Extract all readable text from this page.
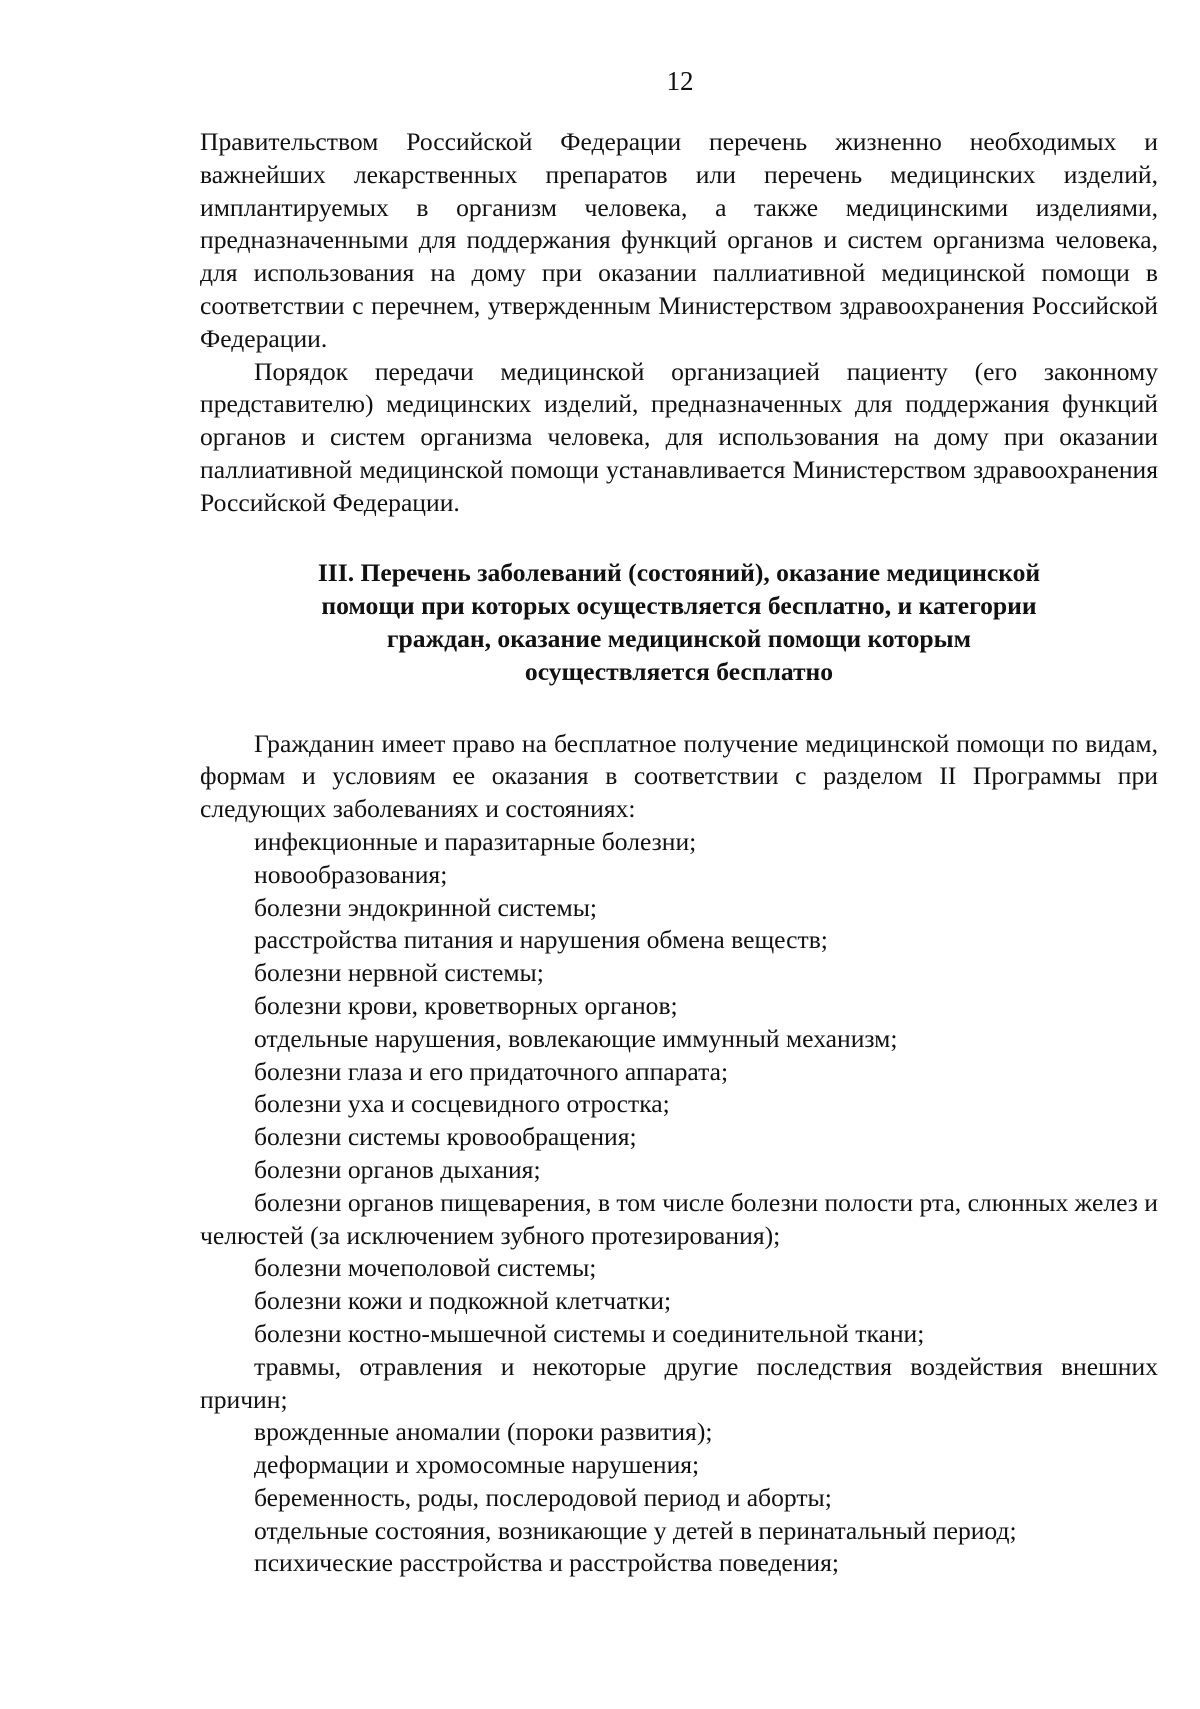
12

Правительством Российской Федерации перечень жизненно необходимых и важнейших лекарственных препаратов или перечень медицинских изделий, имплантируемых в организм человека, а также медицинскими изделиями, предназначенными для поддержания функций органов и систем организма человека, для использования на дому при оказании паллиативной медицинской помощи в соответствии с перечнем, утвержденным Министерством здравоохранения Российской Федерации.

Порядок передачи медицинской организацией пациенту (его законному представителю) медицинских изделий, предназначенных для поддержания функций органов и систем организма человека, для использования на дому при оказании паллиативной медицинской помощи устанавливается Министерством здравоохранения Российской Федерации.

III. Перечень заболеваний (состояний), оказание медицинской
помощи при которых осуществляется бесплатно, и категории
граждан, оказание медицинской помощи которым
осуществляется бесплатно

Гражданин имеет право на бесплатное получение медицинской помощи по видам, формам и условиям ее оказания в соответствии с разделом II Программы при следующих заболеваниях и состояниях:

инфекционные и паразитарные болезни;
новообразования;
болезни эндокринной системы;
расстройства питания и нарушения обмена веществ;
болезни нервной системы;
болезни крови, кроветворных органов;
отдельные нарушения, вовлекающие иммунный механизм;
болезни глаза и его придаточного аппарата;
болезни уха и сосцевидного отростка;
болезни системы кровообращения;
болезни органов дыхания;
болезни органов пищеварения, в том числе болезни полости рта, слюнных желез и челюстей (за исключением зубного протезирования);
болезни мочеполовой системы;
болезни кожи и подкожной клетчатки;
болезни костно-мышечной системы и соединительной ткани;
травмы, отравления и некоторые другие последствия воздействия внешних причин;
врожденные аномалии (пороки развития);
деформации и хромосомные нарушения;
беременность, роды, послеродовой период и аборты;
отдельные состояния, возникающие у детей в перинатальный период;
психические расстройства и расстройства поведения;
